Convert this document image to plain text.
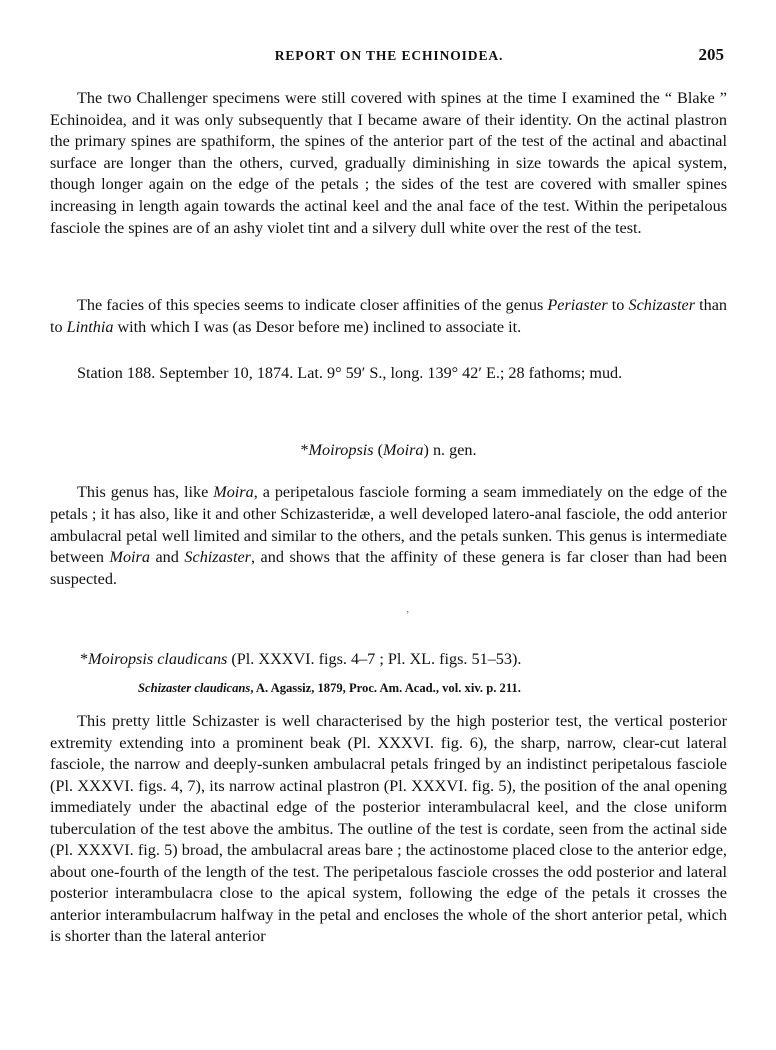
REPORT ON THE ECHINOIDEA.	205

The two Challenger specimens were still covered with spines at the time I examined the “ Blake ” Echinoidea, and it was only subsequently that I became aware of their identity. On the actinal plastron the primary spines are spathiform, the spines of the anterior part of the test of the actinal and abactinal surface are longer than the others, curved, gradually diminishing in size towards the apical system, though longer again on the edge of the petals ; the sides of the test are covered with smaller spines increasing in length again towards the actinal keel and the anal face of the test. Within the peripetalous fasciole the spines are of an ashy violet tint and a silvery dull white over the rest of the test.

The facies of this species seems to indicate closer affinities of the genus Periaster to Schizaster than to Linthia with which I was (as Desor before me) inclined to associate it.

Station 188. September 10, 1874. Lat. 9° 59′ S., long. 139° 42′ E.; 28 fathoms; mud.

*Moiropsis (Moira) n. gen.

This genus has, like Moira, a peripetalous fasciole forming a seam immediately on the edge of the petals ; it has also, like it and other Schizasteridæ, a well developed latero-anal fasciole, the odd anterior ambulacral petal well limited and similar to the others, and the petals sunken. This genus is intermediate between Moira and Schizaster, and shows that the affinity of these genera is far closer than had been suspected.

ʼ
*Moiropsis claudicans (Pl. XXXVI. figs. 4–7 ; Pl. XL. figs. 51–53).

Schizaster claudicans, A. Agassiz, 1879, Proc. Am. Acad., vol. xiv. p. 211.

This pretty little Schizaster is well characterised by the high posterior test, the vertical posterior extremity extending into a prominent beak (Pl. XXXVI. fig. 6), the sharp, narrow, clear-cut lateral fasciole, the narrow and deeply-sunken ambulacral petals fringed by an indistinct peripetalous fasciole (Pl. XXXVI. figs. 4, 7), its narrow actinal plastron (Pl. XXXVI. fig. 5), the position of the anal opening immediately under the abactinal edge of the posterior interambulacral keel, and the close uniform tuberculation of the test above the ambitus. The outline of the test is cordate, seen from the actinal side (Pl. XXXVI. fig. 5) broad, the ambulacral areas bare ; the actinostome placed close to the anterior edge, about one-fourth of the length of the test. The peripetalous fasciole crosses the odd posterior and lateral posterior interambulacra close to the apical system, following the edge of the petals it crosses the anterior interambulacrum halfway in the petal and encloses the whole of the short anterior petal, which is shorter than the lateral anterior
